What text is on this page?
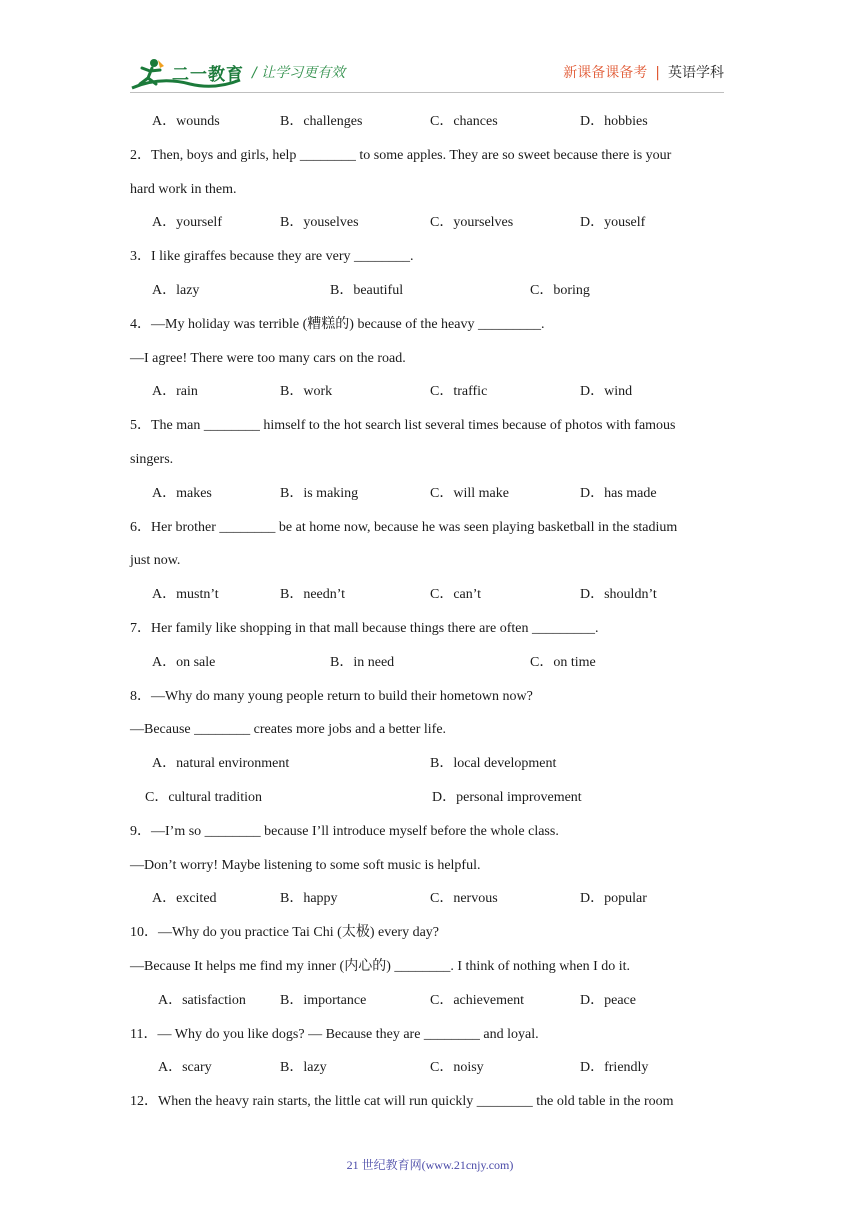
二一教育 / 让学习更有效	新课备课备考 | 英语学科
A．wounds	B．challenges	C．chances	D．hobbies
2．Then, boys and girls, help ________ to some apples. They are so sweet because there is your
hard work in them.
A．yourself	B．youselves	C．yourselves	D．youself
3．I like giraffes because they are very ________.
A．lazy	B．beautiful	C．boring
4．—My holiday was terrible (糟糕的) because of the heavy _________.
—I agree! There were too many cars on the road.
A．rain	B．work	C．traffic	D．wind
5．The man ________ himself to the hot search list several times because of photos with famous
singers.
A．makes	B．is making	C．will make	D．has made
6．Her brother ________ be at home now, because he was seen playing basketball in the stadium
just now.
A．mustn’t	B．needn’t	C．can’t	D．shouldn’t
7．Her family like shopping in that mall because things there are often _________.
A．on sale	B．in need	C．on time
8．—Why do many young people return to build their hometown now?
—Because ________ creates more jobs and a better life.
A．natural environment	B．local development
C．cultural tradition	D．personal improvement
9．—I’m so ________ because I’ll introduce myself before the whole class.
—Don’t worry! Maybe listening to some soft music is helpful.
A．excited	B．happy	C．nervous	D．popular
10．—Why do you practice Tai Chi (太极) every day?
—Because It helps me find my inner (内心的) ________. I think of nothing when I do it.
A．satisfaction B．importance	C．achievement	D．peace
11．— Why do you like dogs? — Because they are ________ and loyal.
A．scary	B．lazy	C．noisy	D．friendly
12．When the heavy rain starts, the little cat will run quickly ________ the old table in the room
21 世纪教育网(www.21cnjy.com)
